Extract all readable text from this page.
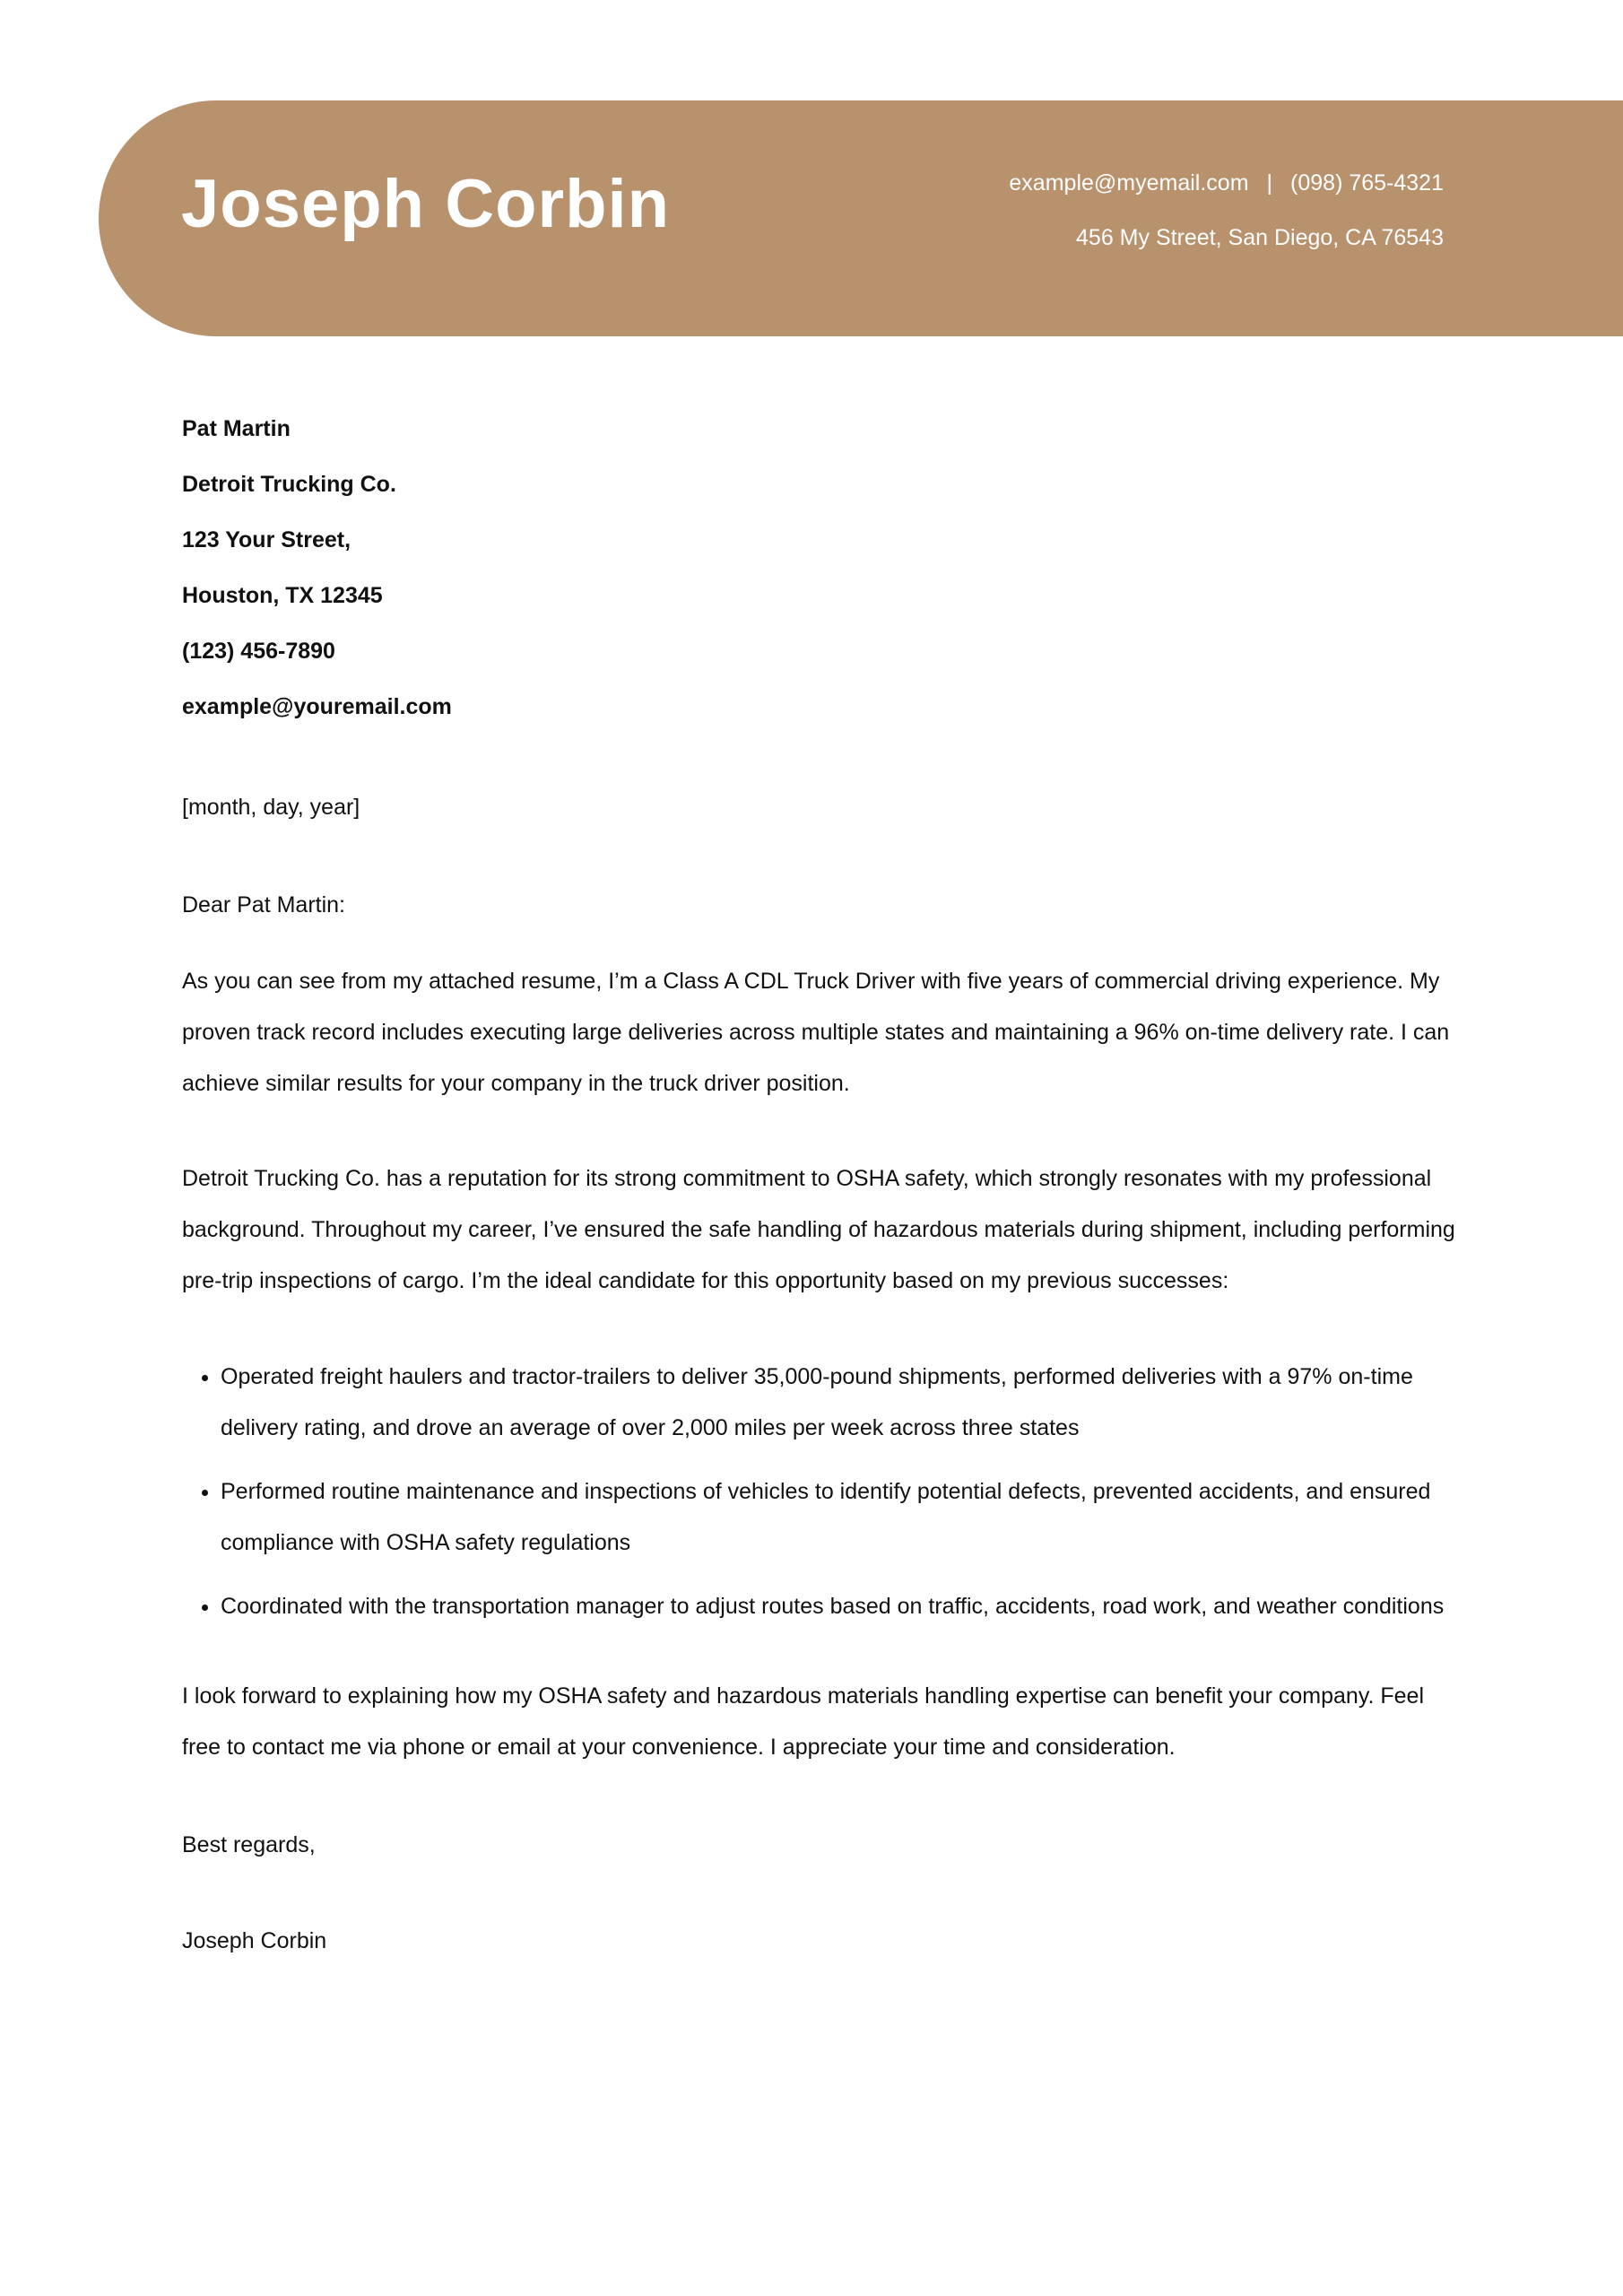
Joseph Corbin	example@myemail.com | (098) 765-4321
456 My Street, San Diego, CA 76543

Pat Martin

Detroit Trucking Co.

123 Your Street,

Houston, TX 12345

(123) 456-7890

example@youremail.com

[month, day, year]

Dear Pat Martin:

As you can see from my attached resume, I’m a Class A CDL Truck Driver with five years of commercial driving experience. My proven track record includes executing large deliveries across multiple states and maintaining a 96% on-time delivery rate. I can achieve similar results for your company in the truck driver position.

Detroit Trucking Co. has a reputation for its strong commitment to OSHA safety, which strongly resonates with my professional background. Throughout my career, I’ve ensured the safe handling of hazardous materials during shipment, including performing pre-trip inspections of cargo. I’m the ideal candidate for this opportunity based on my previous successes:

• Operated freight haulers and tractor-trailers to deliver 35,000-pound shipments, performed deliveries with a 97% on-time delivery rating, and drove an average of over 2,000 miles per week across three states
• Performed routine maintenance and inspections of vehicles to identify potential defects, prevented accidents, and ensured compliance with OSHA safety regulations
• Coordinated with the transportation manager to adjust routes based on traffic, accidents, road work, and weather conditions

I look forward to explaining how my OSHA safety and hazardous materials handling expertise can benefit your company. Feel free to contact me via phone or email at your convenience. I appreciate your time and consideration.

Best regards,

Joseph Corbin
